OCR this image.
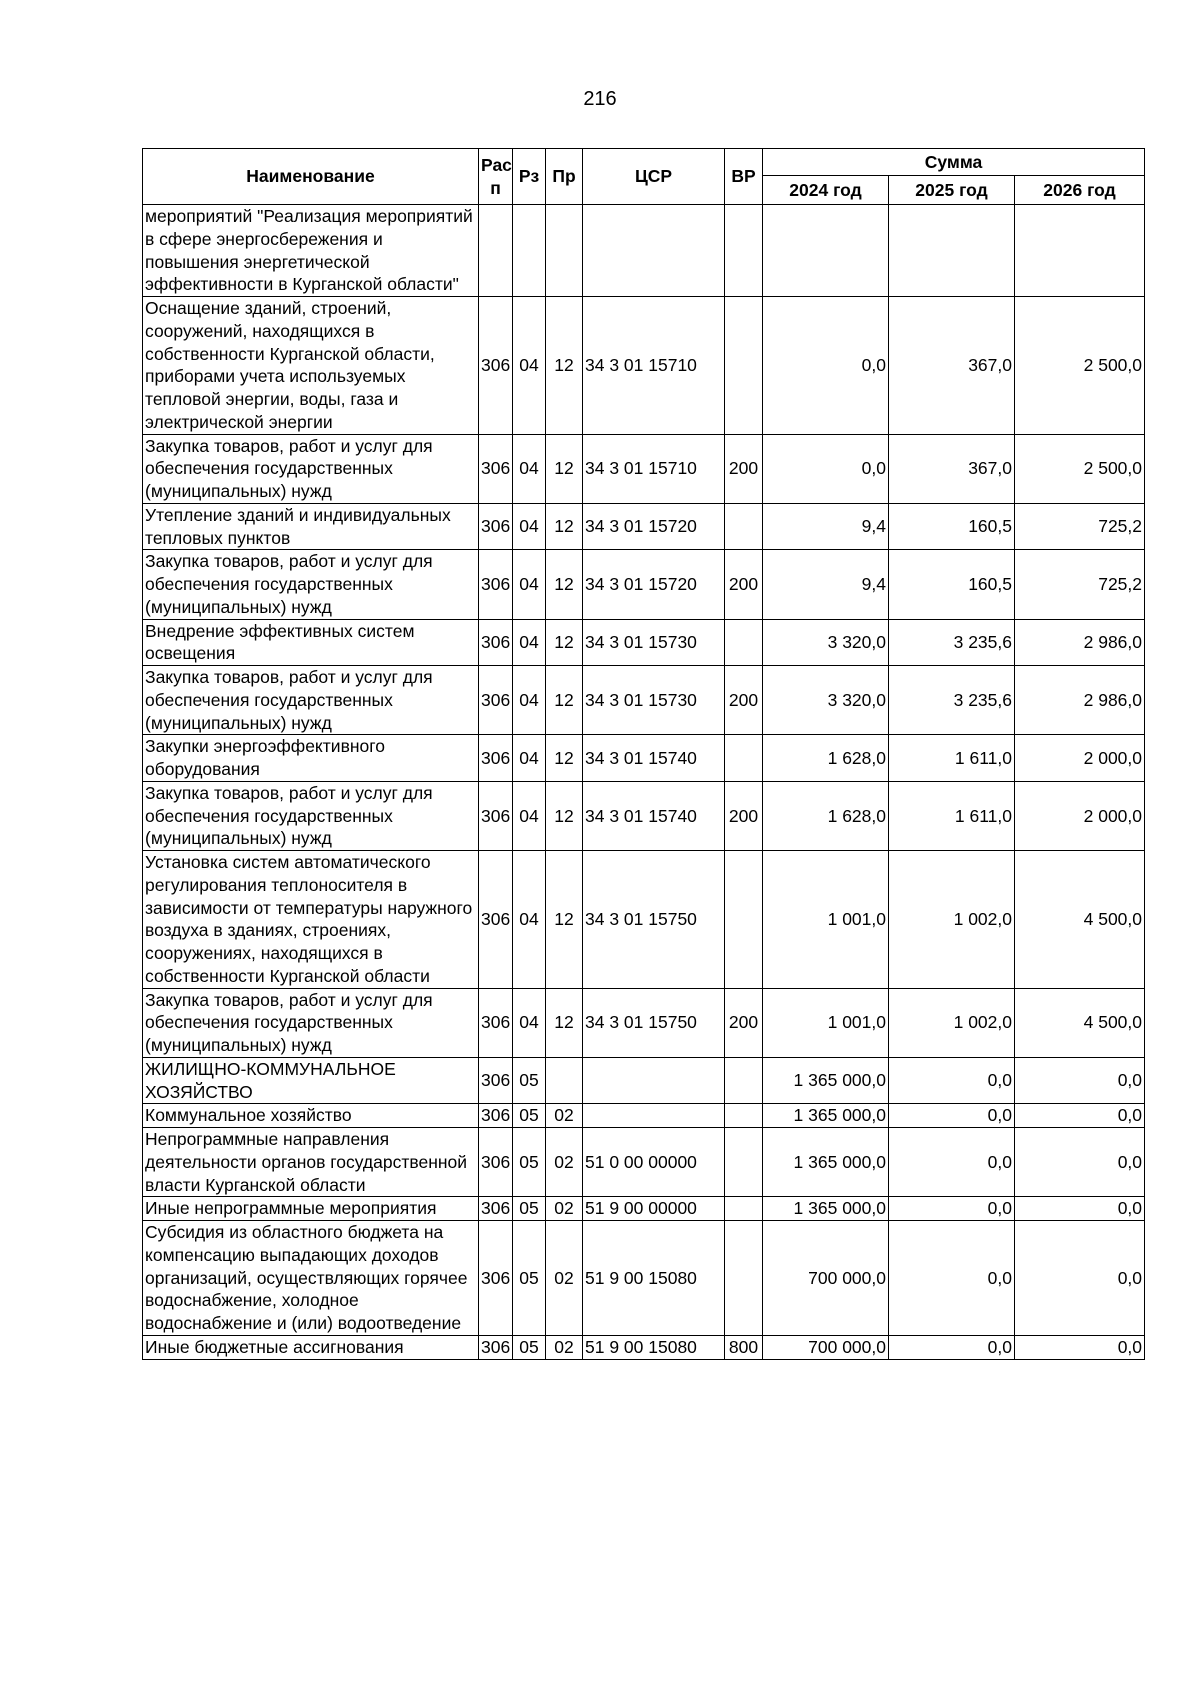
216
Наименование	Рас п	Рз	Пр	ЦСР	ВР	Сумма		
						2024 год	2025 год	2026 год
мероприятий "Реализация мероприятий в сфере энергосбережения и повышения энергетической эффективности в Курганской области"								
Оснащение зданий, строений, сооружений, находящихся в собственности Курганской области, приборами учета используемых тепловой энергии, воды, газа и электрической энергии	306	04	12	34 3 01 15710		0,0	367,0	2 500,0
Закупка товаров, работ и услуг для обеспечения государственных (муниципальных) нужд	306	04	12	34 3 01 15710	200	0,0	367,0	2 500,0
Утепление зданий и индивидуальных тепловых пунктов	306	04	12	34 3 01 15720		9,4	160,5	725,2
Закупка товаров, работ и услуг для обеспечения государственных (муниципальных) нужд	306	04	12	34 3 01 15720	200	9,4	160,5	725,2
Внедрение эффективных систем освещения	306	04	12	34 3 01 15730		3 320,0	3 235,6	2 986,0
Закупка товаров, работ и услуг для обеспечения государственных (муниципальных) нужд	306	04	12	34 3 01 15730	200	3 320,0	3 235,6	2 986,0
Закупки энергоэффективного оборудования	306	04	12	34 3 01 15740		1 628,0	1 611,0	2 000,0
Закупка товаров, работ и услуг для обеспечения государственных (муниципальных) нужд	306	04	12	34 3 01 15740	200	1 628,0	1 611,0	2 000,0
Установка систем автоматического регулирования теплоносителя в зависимости от температуры наружного воздуха в зданиях, строениях, сооружениях, находящихся в собственности Курганской области	306	04	12	34 3 01 15750		1 001,0	1 002,0	4 500,0
Закупка товаров, работ и услуг для обеспечения государственных (муниципальных) нужд	306	04	12	34 3 01 15750	200	1 001,0	1 002,0	4 500,0
ЖИЛИЩНО-КОММУНАЛЬНОЕ ХОЗЯЙСТВО	306	05				1 365 000,0	0,0	0,0
Коммунальное хозяйство	306	05	02			1 365 000,0	0,0	0,0
Непрограммные направления деятельности органов государственной власти Курганской области	306	05	02	51 0 00 00000		1 365 000,0	0,0	0,0
Иные непрограммные мероприятия	306	05	02	51 9 00 00000		1 365 000,0	0,0	0,0
Субсидия из областного бюджета на компенсацию выпадающих доходов организаций, осуществляющих горячее водоснабжение, холодное водоснабжение и (или) водоотведение	306	05	02	51 9 00 15080		700 000,0	0,0	0,0
Иные бюджетные ассигнования	306	05	02	51 9 00 15080	800	700 000,0	0,0	0,0
